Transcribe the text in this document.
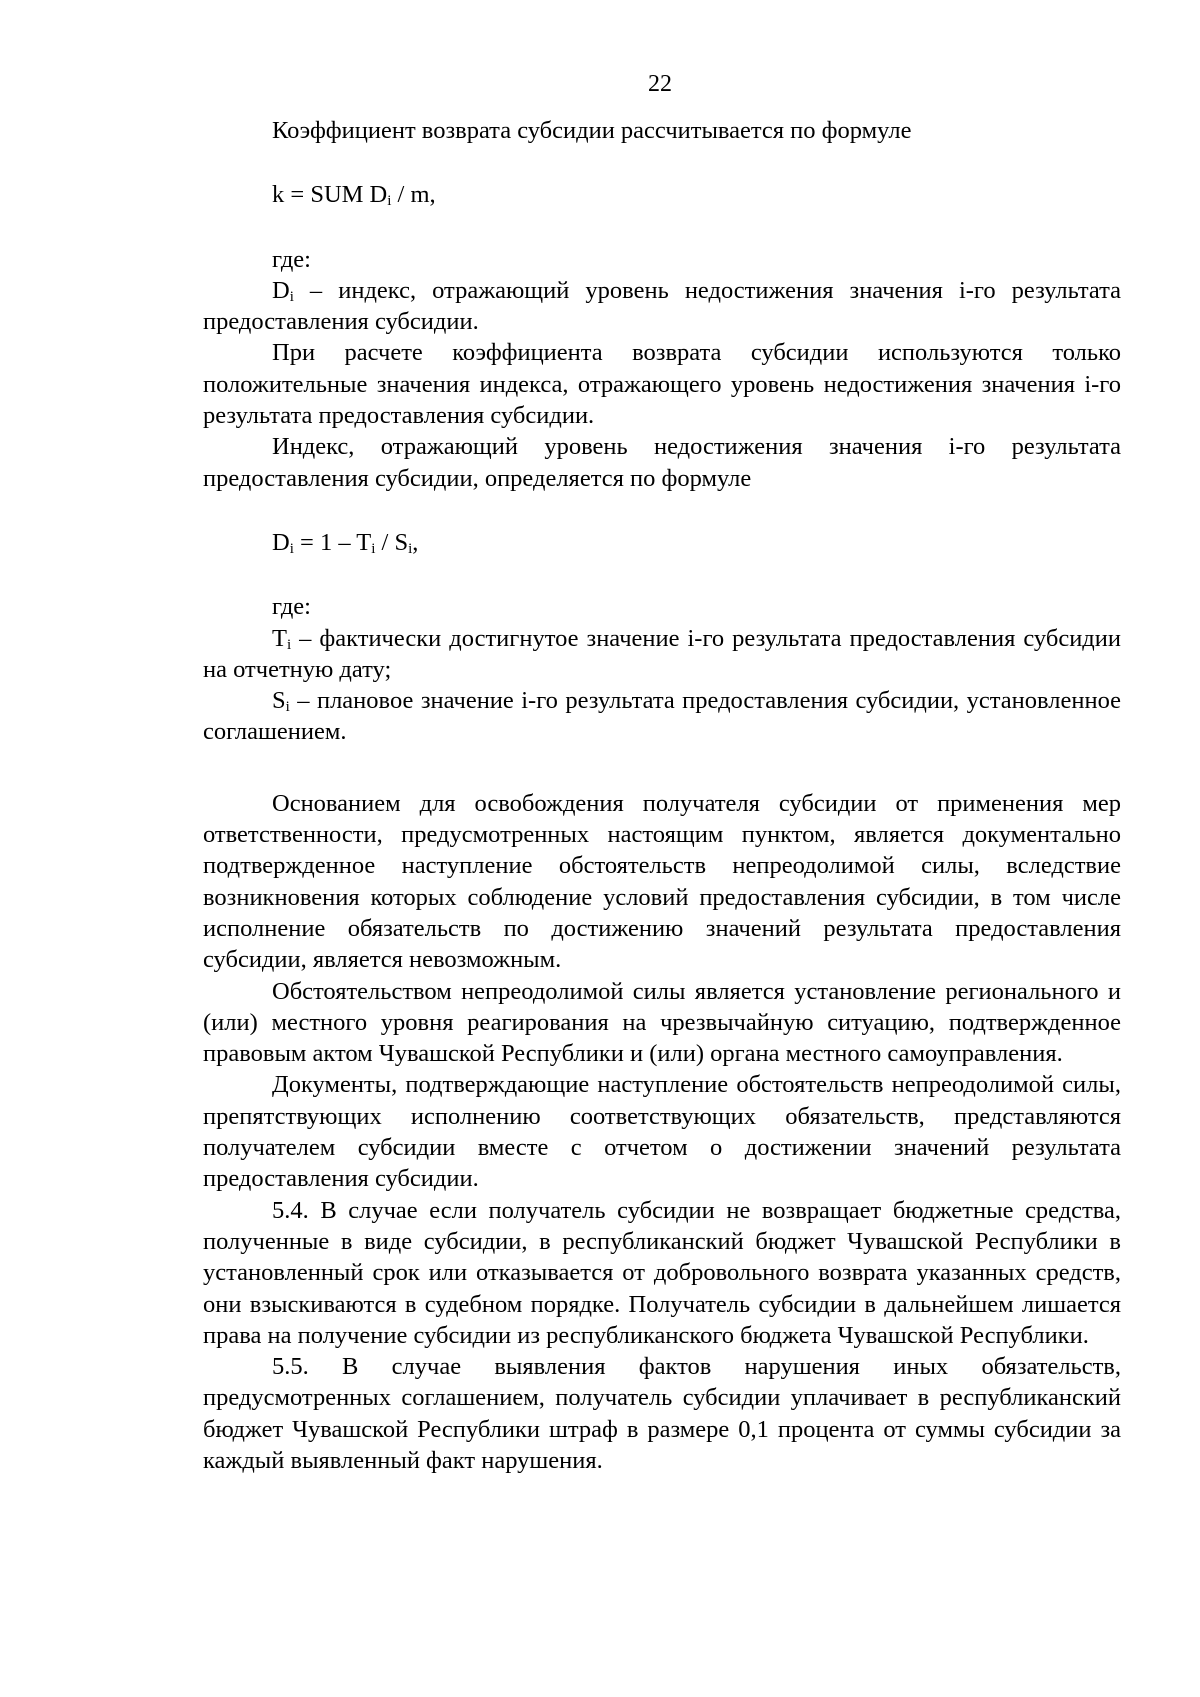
22

Коэффициент возврата субсидии рассчитывается по формуле

k = SUM $D_i$ / m,

где:

$D_i$ – индекс, отражающий уровень недостижения значения i-го результата предоставления субсидии.

При расчете коэффициента возврата субсидии используются только положительные значения индекса, отражающего уровень недостижения значения i-го результата предоставления субсидии.

Индекс, отражающий уровень недостижения значения i-го результата предоставления субсидии, определяется по формуле

$D_i = 1 - T_i / S_i$,

где:

$T_i$ – фактически достигнутое значение i-го результата предоставления субсидии на отчетную дату;

$S_i$ – плановое значение i-го результата предоставления субсидии, установленное соглашением.

Основанием для освобождения получателя субсидии от применения мер ответственности, предусмотренных настоящим пунктом, является документально подтвержденное наступление обстоятельств непреодолимой силы, вследствие возникновения которых соблюдение условий предоставления субсидии, в том числе исполнение обязательств по достижению значений результата предоставления субсидии, является невозможным.

Обстоятельством непреодолимой силы является установление регионального и (или) местного уровня реагирования на чрезвычайную ситуацию, подтвержденное правовым актом Чувашской Республики и (или) органа местного самоуправления.

Документы, подтверждающие наступление обстоятельств непреодолимой силы, препятствующих исполнению соответствующих обязательств, представляются получателем субсидии вместе с отчетом о достижении значений результата предоставления субсидии.

5.4. В случае если получатель субсидии не возвращает бюджетные средства, полученные в виде субсидии, в республиканский бюджет Чувашской Республики в установленный срок или отказывается от добровольного возврата указанных средств, они взыскиваются в судебном порядке. Получатель субсидии в дальнейшем лишается права на получение субсидии из республиканского бюджета Чувашской Республики.

5.5. В случае выявления фактов нарушения иных обязательств, предусмотренных соглашением, получатель субсидии уплачивает в республиканский бюджет Чувашской Республики штраф в размере 0,1 процента от суммы субсидии за каждый выявленный факт нарушения.
